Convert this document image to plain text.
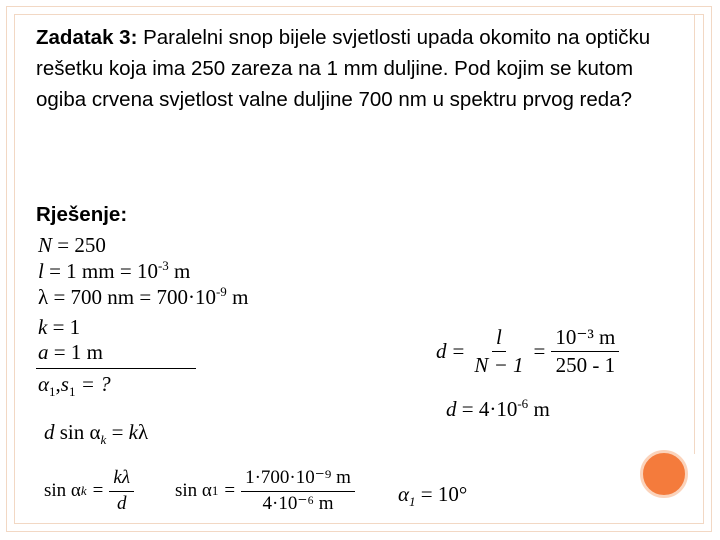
Zadatak 3: Paralelni snop bijele svjetlosti upada okomito na optičku rešetku koja ima 250 zareza na 1 mm duljine. Pod kojim se kutom ogiba crvena svjetlost valne duljine 700 nm u spektru prvog reda?
Rješenje:
N = 250
l = 1 mm = $10^{-3}$ m
λ = 700 nm = $700\cdot 10^{-9}$ m
k = 1
a = 1 m
$\alpha_1,s_1$ = ?
d $\sin \alpha_k = k\lambda$
$d = \frac{l}{N - 1} = \frac{\text{10⁻³ m}}{250 - 1}$
$d = 4\cdot 10^{-6}$ m
sin α $k = \frac{k\lambda}{d}$ sin α $1 = \frac{\text{1·700·10⁻⁹ m}}{\text{4·10⁻⁶ m}} \alpha_1 = 10^\circ$
